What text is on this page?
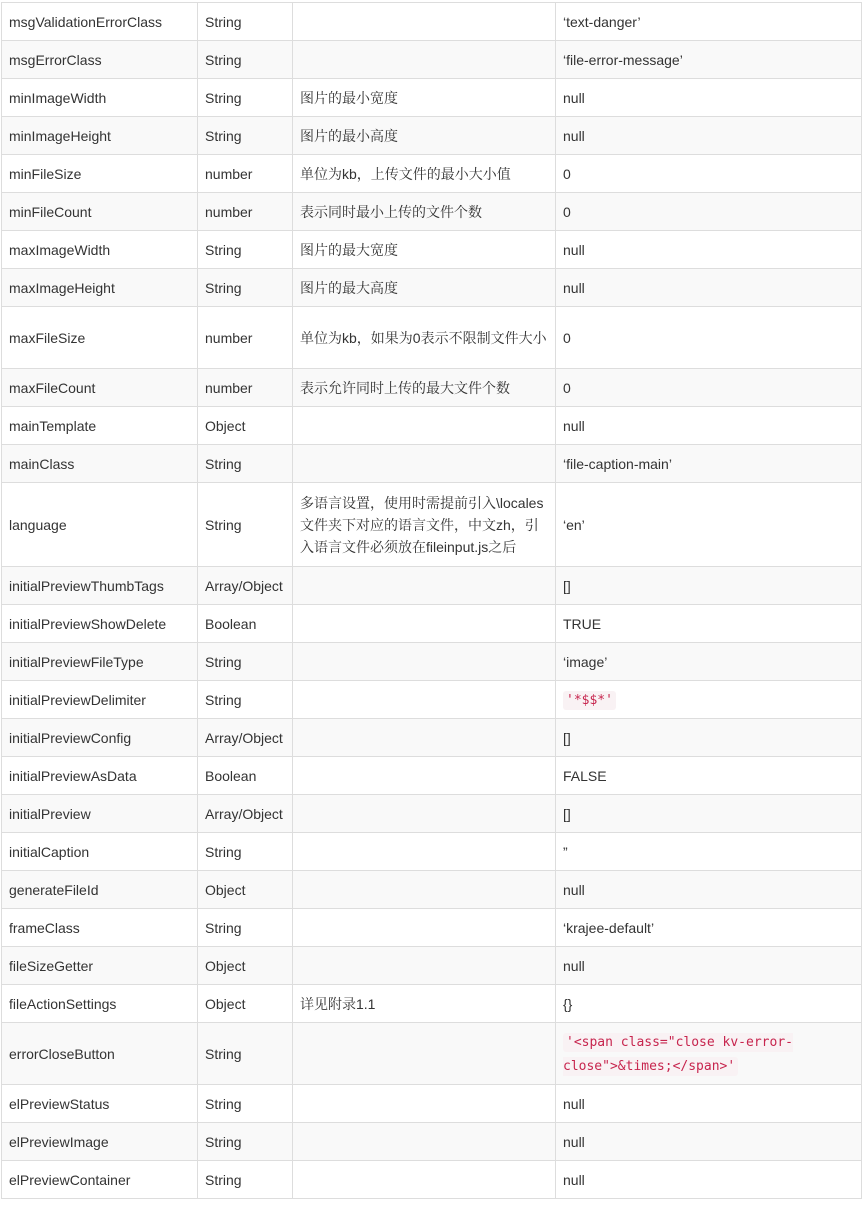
msgValidationErrorClass	String		‘text-danger’
msgErrorClass	String		‘file-error-message’
minImageWidth	String	图片的最小宽度	null
minImageHeight	String	图片的最小高度	null
minFileSize	number	单位为kb，上传文件的最小大小值	0
minFileCount	number	表示同时最小上传的文件个数	0
maxImageWidth	String	图片的最大宽度	null
maxImageHeight	String	图片的最大高度	null
maxFileSize	number	单位为kb，如果为0表示不限制文件大小	0
maxFileCount	number	表示允许同时上传的最大文件个数	0
mainTemplate	Object		null
mainClass	String		‘file-caption-main’
language	String	多语言设置，使用时需提前引入\locales文件夹下对应的语言文件，中文zh，引入语言文件必须放在fileinput.js之后	‘en’
initialPreviewThumbTags	Array/Object		[]
initialPreviewShowDelete	Boolean		TRUE
initialPreviewFileType	String		‘image’
initialPreviewDelimiter	String		'*$$*'
initialPreviewConfig	Array/Object		[]
initialPreviewAsData	Boolean		FALSE
initialPreview	Array/Object		[]
initialCaption	String		”
generateFileId	Object		null
frameClass	String		‘krajee-default’
fileSizeGetter	Object		null
fileActionSettings	Object	详见附录1.1	{}
errorCloseButton	String		'<span class="close kv-error-close">&times;</span>'
elPreviewStatus	String		null
elPreviewImage	String		null
elPreviewContainer	String		null
